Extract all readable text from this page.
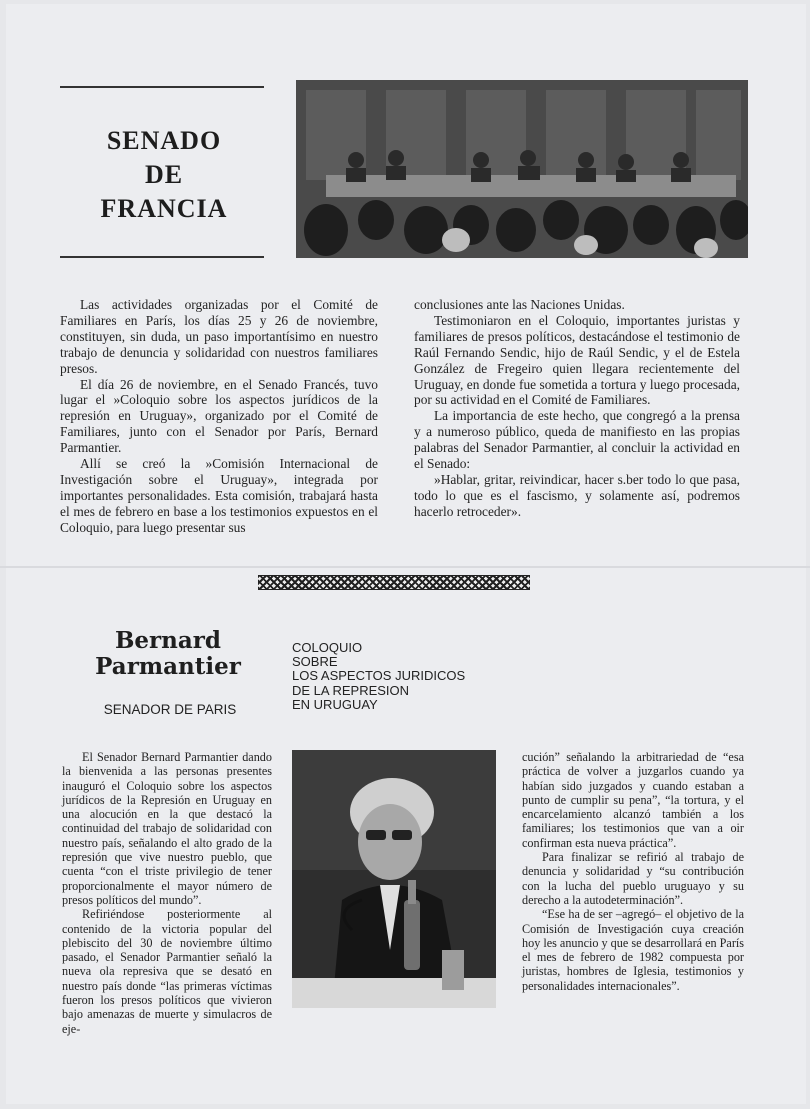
SENADO
DE
FRANCIA

Las actividades organizadas por el Comité de Familiares en París, los días 25 y 26 de noviembre, constituyen, sin duda, un paso importantísimo en nuestro trabajo de denuncia y solidaridad con nuestros familiares presos.

El día 26 de noviembre, en el Senado Francés, tuvo lugar el »Coloquio sobre los aspectos jurídicos de la represión en Uruguay», organizado por el Comité de Familiares, junto con el Senador por París, Bernard Parmantier.

Allí se creó la »Comisión Internacional de Investigación sobre el Uruguay», integrada por importantes personalidades. Esta comisión, trabajará hasta el mes de febrero en base a los testimonios expuestos en el Coloquio, para luego presentar sus

conclusiones ante las Naciones Unidas.

Testimoniaron en el Coloquio, importantes juristas y familiares de presos políticos, destacándose el testimonio de Raúl Fernando Sendic, hijo de Raúl Sendic, y el de Estela González de Fregeiro quien llegara recientemente del Uruguay, en donde fue sometida a tortura y luego procesada, por su actividad en el Comité de Familiares.

La importancia de este hecho, que congregó a la prensa y a numeroso público, queda de manifiesto en las propias palabras del Senador Parmantier, al concluir la actividad en el Senado:

»Hablar, gritar, reivindicar, hacer s.ber todo lo que pasa, todo lo que es el fascismo, y solamente así, podremos hacerlo retroceder».

Bernard
Parmantier
SENADOR DE PARIS
COLOQUIO
SOBRE
LOS ASPECTOS JURIDICOS
DE LA REPRESION
EN URUGUAY

El Senador Bernard Parmantier dando la bienvenida a las personas presentes inauguró el Coloquio sobre los aspectos jurídicos de la Represión en Uruguay en una alocución en la que destacó la continuidad del trabajo de solidaridad con nuestro país, señalando el alto grado de la represión que vive nuestro pueblo, que cuenta “con el triste privilegio de tener proporcionalmente el mayor número de presos políticos del mundo”.

Refiriéndose posteriormente al contenido de la victoria popular del plebiscito del 30 de noviembre último pasado, el Senador Parmantier señaló la nueva ola represiva que se desató en nuestro país donde “las primeras víctimas fueron los presos políticos que vivieron bajo amenazas de muerte y simulacros de eje-

cución” señalando la arbitrariedad de “esa práctica de volver a juzgarlos cuando ya habían sido juzgados y cuando estaban a punto de cumplir su pena”, “la tortura, y el encarcelamiento alcanzó también a los familiares; los testimonios que van a oir confirman esta nueva práctica”.

Para finalizar se refirió al trabajo de denuncia y solidaridad y “su contribución con la lucha del pueblo uruguayo y su derecho a la autodeterminación”.

“Ese ha de ser –agregó– el objetivo de la Comisión de Investigación cuya creación hoy les anuncio y que se desarrollará en París el mes de febrero de 1982 compuesta por juristas, hombres de Iglesia, testimonios y personalidades internacionales”.
